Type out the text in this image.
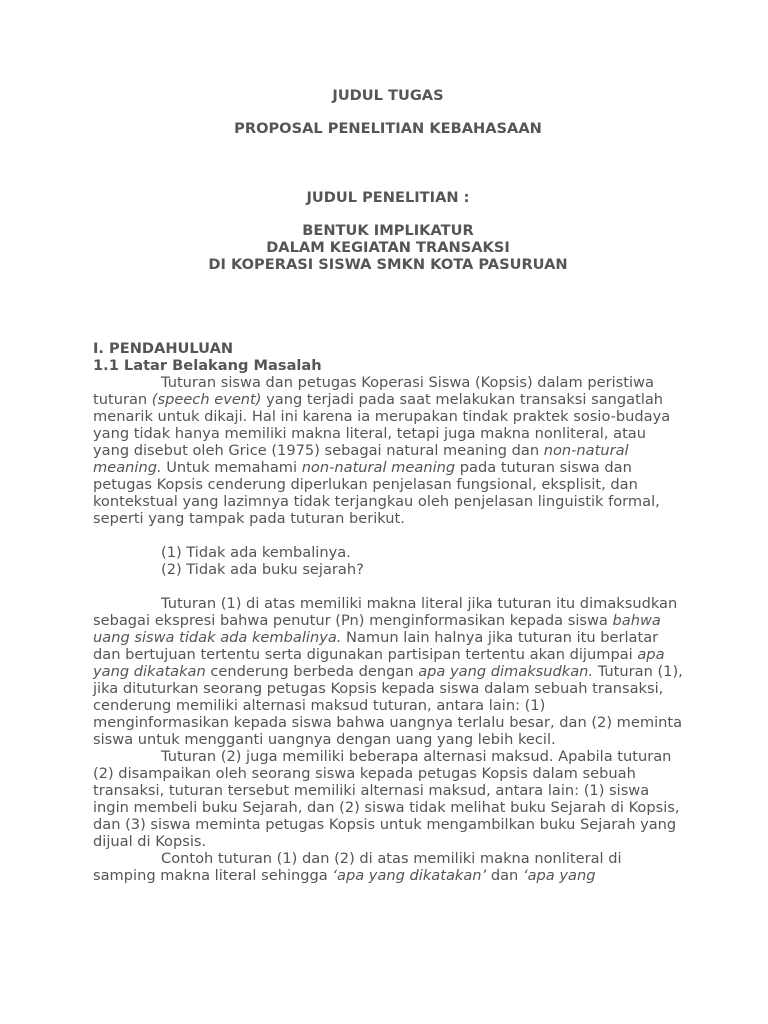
JUDUL TUGAS
PROPOSAL PENELITIAN KEBAHASAAN
JUDUL PENELITIAN :
BENTUK IMPLIKATUR
DALAM KEGIATAN TRANSAKSI
DI KOPERASI SISWA SMKN KOTA PASURUAN
I. PENDAHULUAN
1.1 Latar Belakang Masalah

Tuturan siswa dan petugas Koperasi Siswa (Kopsis) dalam peristiwa tuturan (speech event) yang terjadi pada saat melakukan transaksi sangatlah menarik untuk dikaji. Hal ini karena ia merupakan tindak praktek sosio-budaya yang tidak hanya memiliki makna literal, tetapi juga makna nonliteral, atau yang disebut oleh Grice (1975) sebagai natural meaning dan non-natural meaning. Untuk memahami non-natural meaning pada tuturan siswa dan petugas Kopsis cenderung diperlukan penjelasan fungsional, eksplisit, dan kontekstual yang lazimnya tidak terjangkau oleh penjelasan linguistik formal, seperti yang tampak pada tuturan berikut.

(1) Tidak ada kembalinya.
(2) Tidak ada buku sejarah?

Tuturan (1) di atas memiliki makna literal jika tuturan itu dimaksudkan sebagai ekspresi bahwa penutur (Pn) menginformasikan kepada siswa bahwa uang siswa tidak ada kembalinya. Namun lain halnya jika tuturan itu berlatar dan bertujuan tertentu serta digunakan partisipan tertentu akan dijumpai apa yang dikatakan cenderung berbeda dengan apa yang dimaksudkan. Tuturan (1), jika dituturkan seorang petugas Kopsis kepada siswa dalam sebuah transaksi, cenderung memiliki alternasi maksud tuturan, antara lain: (1) menginformasikan kepada siswa bahwa uangnya terlalu besar, dan (2) meminta siswa untuk mengganti uangnya dengan uang yang lebih kecil.

Tuturan (2) juga memiliki beberapa alternasi maksud. Apabila tuturan (2) disampaikan oleh seorang siswa kepada petugas Kopsis dalam sebuah transaksi, tuturan tersebut memiliki alternasi maksud, antara lain: (1) siswa ingin membeli buku Sejarah, dan (2) siswa tidak melihat buku Sejarah di Kopsis, dan (3) siswa meminta petugas Kopsis untuk mengambilkan buku Sejarah yang dijual di Kopsis.

Contoh tuturan (1) dan (2) di atas memiliki makna nonliteral di samping makna literal sehingga ‘apa yang dikatakan’ dan ‘apa yang
